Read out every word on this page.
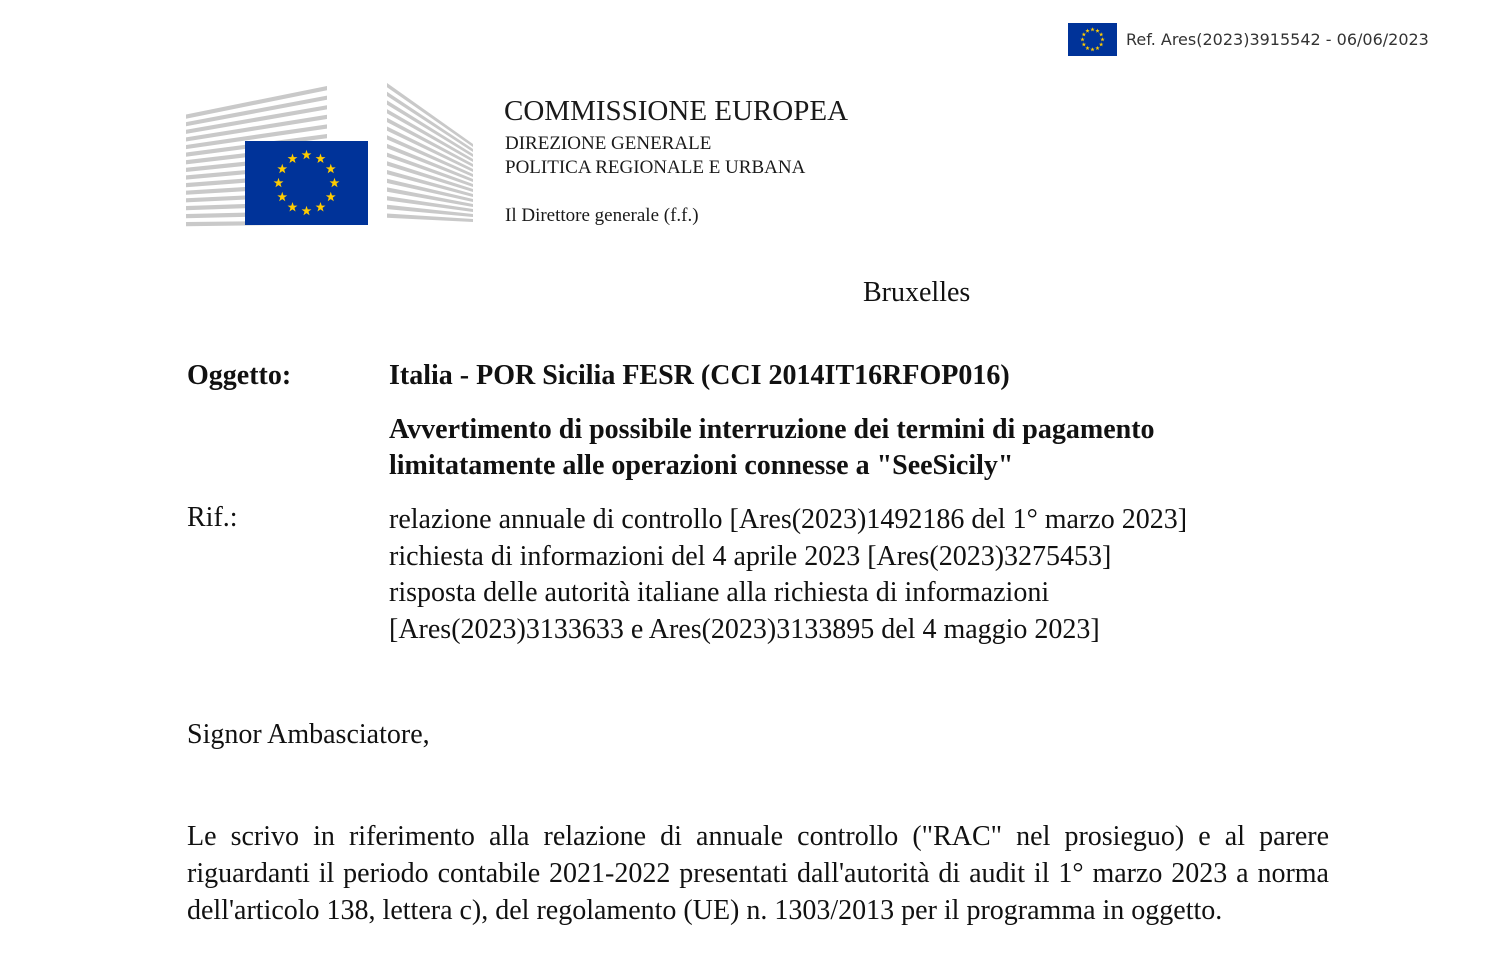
Ref. Ares(2023)3915542 - 06/06/2023
COMMISSIONE EUROPEA
DIREZIONE GENERALE
POLITICA REGIONALE E URBANA
Il Direttore generale (f.f.)
Bruxelles
Oggetto:	Italia - POR Sicilia FESR (CCI 2014IT16RFOP016)
Avvertimento di possibile interruzione dei termini di pagamento
limitatamente alle operazioni connesse a "SeeSicily"
Rif.:	relazione annuale di controllo [Ares(2023)1492186 del 1° marzo 2023]
richiesta di informazioni del 4 aprile 2023 [Ares(2023)3275453]
risposta delle autorità italiane alla richiesta di informazioni
[Ares(2023)3133633 e Ares(2023)3133895 del 4 maggio 2023]
Signor Ambasciatore,

Le scrivo in riferimento alla relazione di annuale controllo ("RAC" nel prosieguo) e al parere riguardanti il periodo contabile 2021-2022 presentati dall'autorità di audit il 1° marzo 2023 a norma dell'articolo 138, lettera c), del regolamento (UE) n. 1303/2013 per il programma in oggetto.
